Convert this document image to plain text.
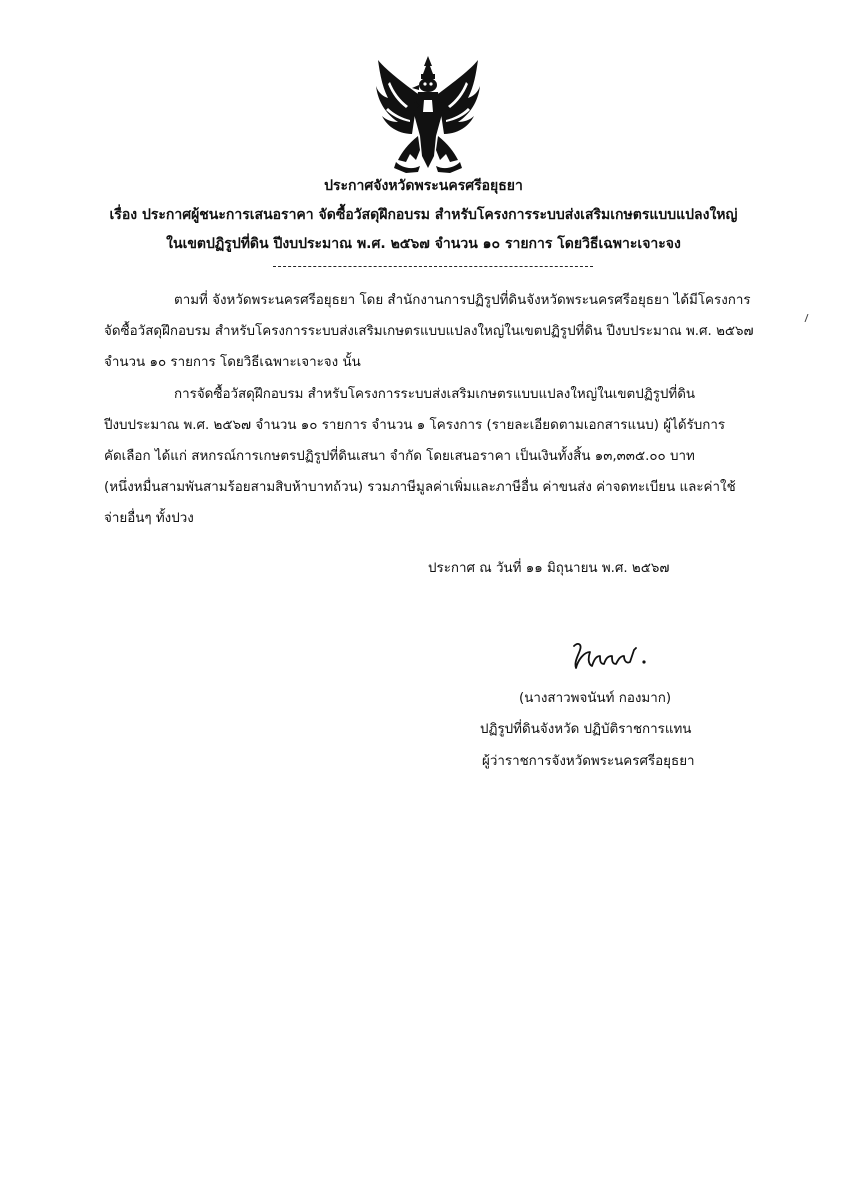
ประกาศจังหวัดพระนครศรีอยุธยา
เรื่อง ประกาศผู้ชนะการเสนอราคา จัดซื้อวัสดุฝึกอบรม สำหรับโครงการระบบส่งเสริมเกษตรแบบแปลงใหญ่
ในเขตปฏิรูปที่ดิน ปีงบประมาณ พ.ศ. ๒๕๖๗ จำนวน ๑๐ รายการ โดยวิธีเฉพาะเจาะจง
ตามที่ จังหวัดพระนครศรีอยุธยา โดย สำนักงานการปฏิรูปที่ดินจังหวัดพระนครศรีอยุธยา ได้มีโครงการ
จัดซื้อวัสดุฝึกอบรม สำหรับโครงการระบบส่งเสริมเกษตรแบบแปลงใหญ่ในเขตปฏิรูปที่ดิน ปีงบประมาณ พ.ศ. ๒๕๖๗
จำนวน ๑๐ รายการ โดยวิธีเฉพาะเจาะจง นั้น
การจัดซื้อวัสดุฝึกอบรม สำหรับโครงการระบบส่งเสริมเกษตรแบบแปลงใหญ่ในเขตปฏิรูปที่ดิน
ปีงบประมาณ พ.ศ. ๒๕๖๗ จำนวน ๑๐ รายการ จำนวน ๑ โครงการ (รายละเอียดตามเอกสารแนบ) ผู้ได้รับการ
คัดเลือก ได้แก่ สหกรณ์การเกษตรปฏิรูปที่ดินเสนา จำกัด โดยเสนอราคา เป็นเงินทั้งสิ้น ๑๓,๓๓๕.๐๐ บาท
(หนึ่งหมื่นสามพันสามร้อยสามสิบห้าบาทถ้วน) รวมภาษีมูลค่าเพิ่มและภาษีอื่น ค่าขนส่ง ค่าจดทะเบียน และค่าใช้
จ่ายอื่นๆ ทั้งปวง
ประกาศ ณ วันที่ ๑๑ มิถุนายน พ.ศ. ๒๕๖๗
(นางสาวพจนันท์ กองมาก)
ปฏิรูปที่ดินจังหวัด ปฏิบัติราชการแทน
ผู้ว่าราชการจังหวัดพระนครศรีอยุธยา
